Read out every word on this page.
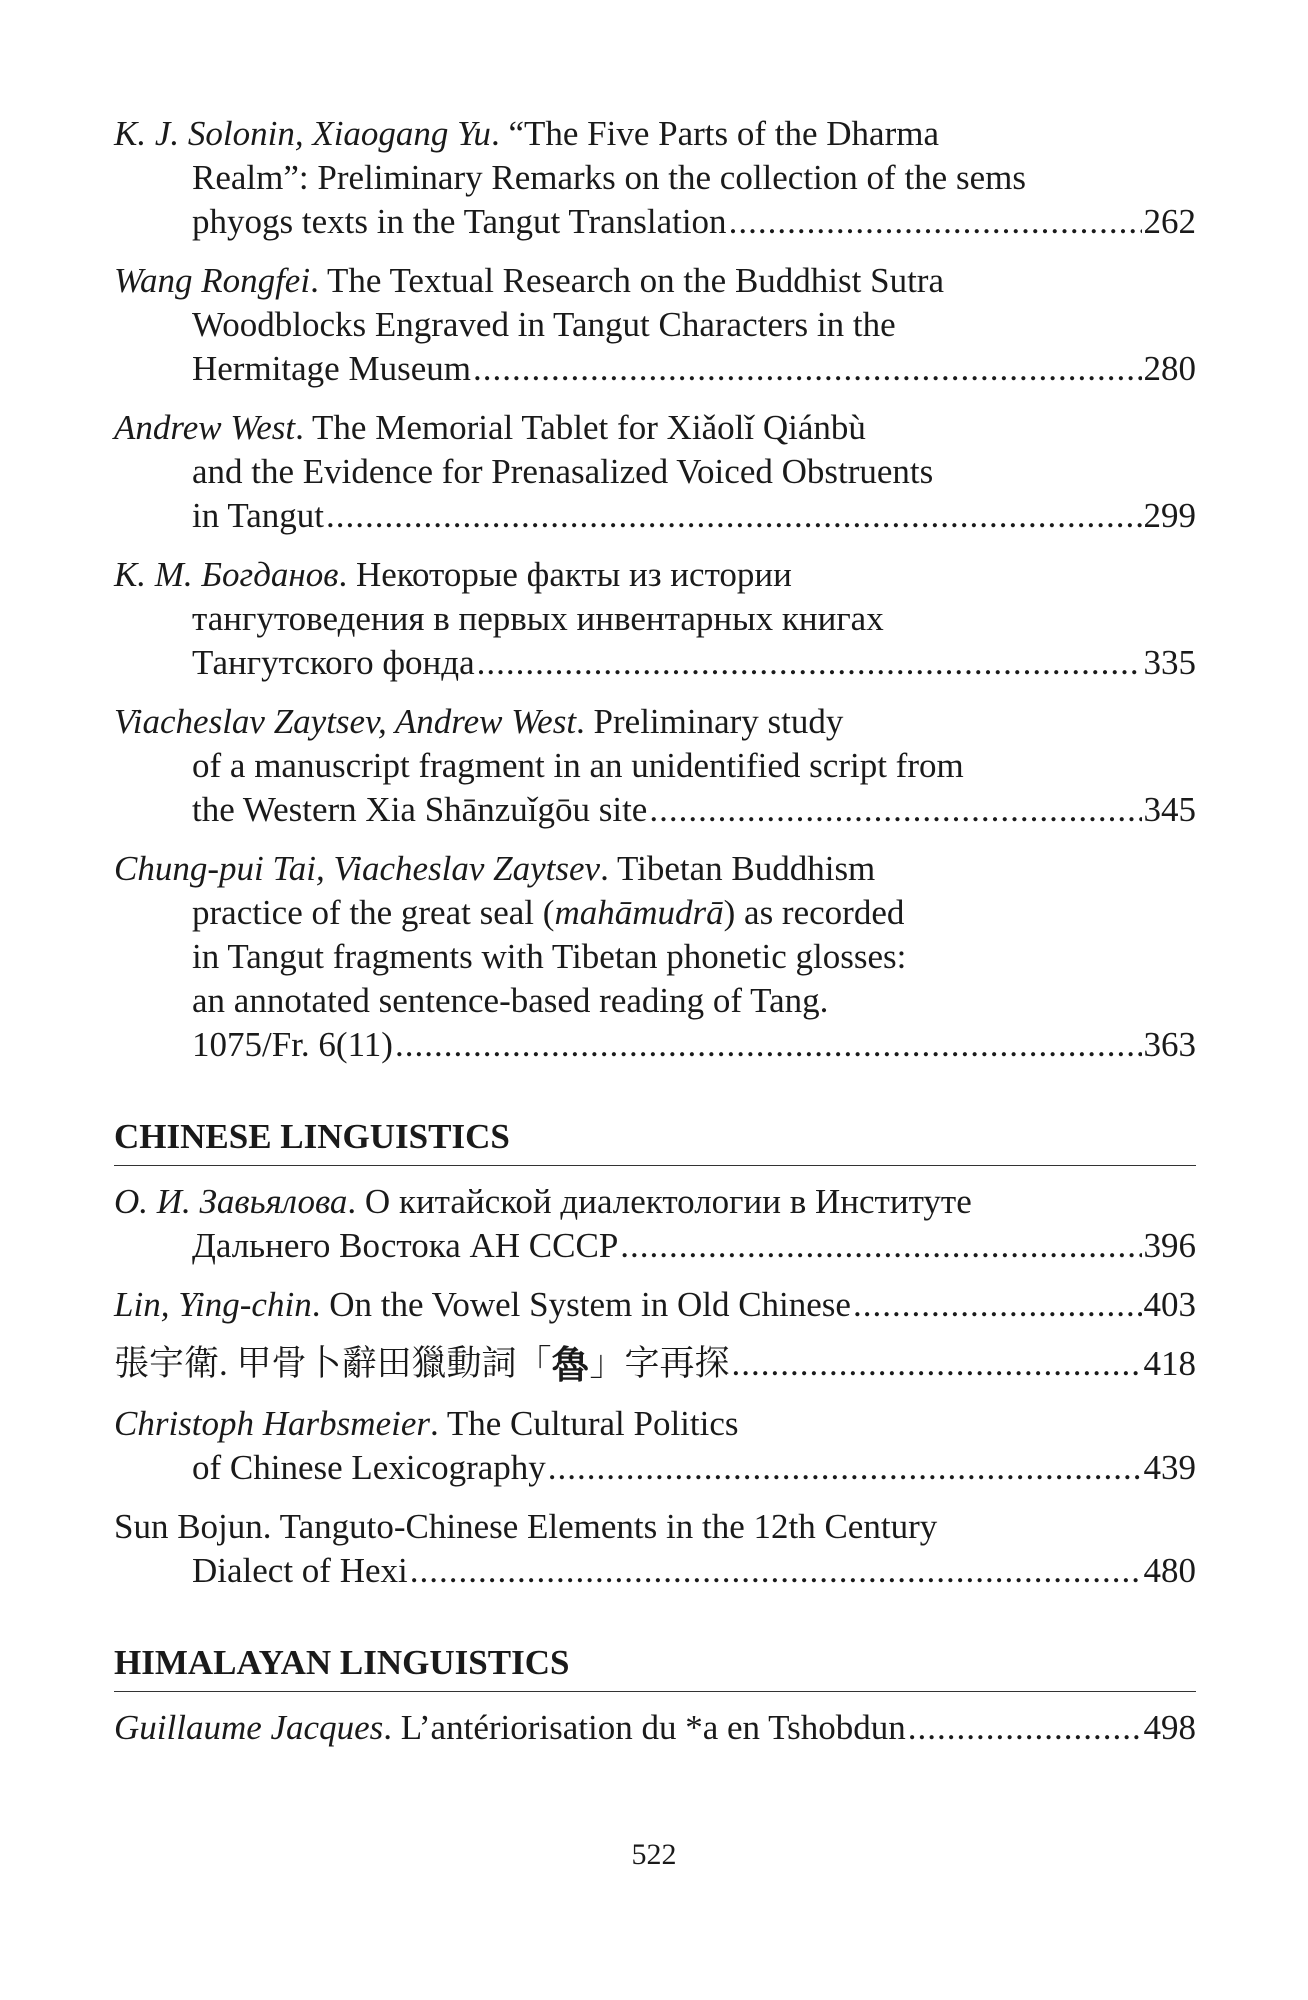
K. J. Solonin, Xiaogang Yu. “The Five Parts of the Dharma
Realm”: Preliminary Remarks on the collection of the sems
phyogs texts in the Tangut Translation .....	262
Wang Rongfei. The Textual Research on the Buddhist Sutra
Woodblocks Engraved in Tangut Characters in the
Hermitage Museum .....	280
Andrew West. The Memorial Tablet for Xiǎolǐ Qiánbù
and the Evidence for Prenasalized Voiced Obstruents
in Tangut .....	299
К. М. Богданов. Некоторые факты из истории
тангутоведения в первых инвентарных книгах
Тангутского фонда .....	335
Viacheslav Zaytsev, Andrew West. Preliminary study
of a manuscript fragment in an unidentified script from
the Western Xia Shānzuǐgōu site .....	345
Chung-pui Tai, Viacheslav Zaytsev. Tibetan Buddhism
practice of the great seal (mahāmudrā) as recorded
in Tangut fragments with Tibetan phonetic glosses:
an annotated sentence-based reading of Tang.
1075/Fr. 6(11) .....	363
CHINESE LINGUISTICS
О. И. Завьялова. О китайской диалектологии в Институте
Дальнего Востока АН СССР .....	396
Lin, Ying-chin. On the Vowel System in Old Chinese .....	403
張宇衛. 甲骨卜辭田獵動詞「魯」字再探 .....	418
Christoph Harbsmeier. The Cultural Politics
of Chinese Lexicography .....	439
Sun Bojun. Tanguto-Chinese Elements in the 12th Century
Dialect of Hexi .....	480
HIMALAYAN LINGUISTICS
Guillaume Jacques. L’antériorisation du *a en Tshobdun .....	498
522
